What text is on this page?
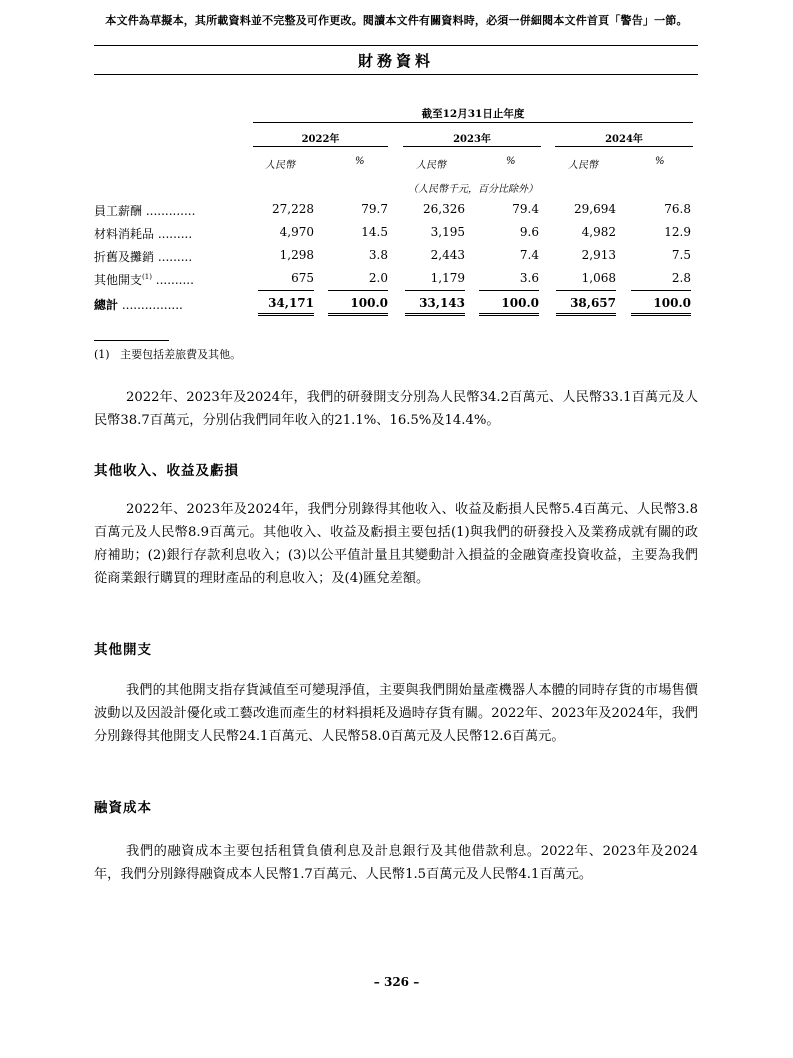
本文件為草擬本，其所載資料並不完整及可作更改。閱讀本文件有關資料時，必須一併細閱本文件首頁「警告」一節。
財務資料
截至12月31日止年度
2022年	2023年	2024年
人民幣	%	人民幣	%	人民幣	%
（人民幣千元，百分比除外）
員工薪酬 .............	27,228	79.7	26,326	79.4	29,694	76.8
材料消耗品 .........	4,970	14.5	3,195	9.6	4,982	12.9
折舊及攤銷 .........	1,298	3.8	2,443	7.4	2,913	7.5
其他開支$^{(1)}$ ..........	675	2.0	1,179	3.6	1,068	2.8
總計 ................	34,171	100.0	33,143	100.0	38,657	100.0
(1) 主要包括差旅費及其他。
2022年、2023年及2024年，我們的研發開支分別為人民幣34.2百萬元、人民幣33.1百萬元及人民幣38.7百萬元，分別佔我們同年收入的21.1%、16.5%及14.4%。
其他收入、收益及虧損
2022年、2023年及2024年，我們分別錄得其他收入、收益及虧損人民幣5.4百萬元、人民幣3.8百萬元及人民幣8.9百萬元。其他收入、收益及虧損主要包括(1)與我們的研發投入及業務成就有關的政府補助；(2)銀行存款利息收入；(3)以公平值計量且其變動計入損益的金融資產投資收益，主要為我們從商業銀行購買的理財產品的利息收入；及(4)匯兌差額。
其他開支
我們的其他開支指存貨減值至可變現淨值，主要與我們開始量產機器人本體的同時存貨的市場售價波動以及因設計優化或工藝改進而產生的材料損耗及過時存貨有關。2022年、2023年及2024年，我們分別錄得其他開支人民幣24.1百萬元、人民幣58.0百萬元及人民幣12.6百萬元。
融資成本
我們的融資成本主要包括租賃負債利息及計息銀行及其他借款利息。2022年、2023年及2024年，我們分別錄得融資成本人民幣1.7百萬元、人民幣1.5百萬元及人民幣4.1百萬元。
– 326 –
